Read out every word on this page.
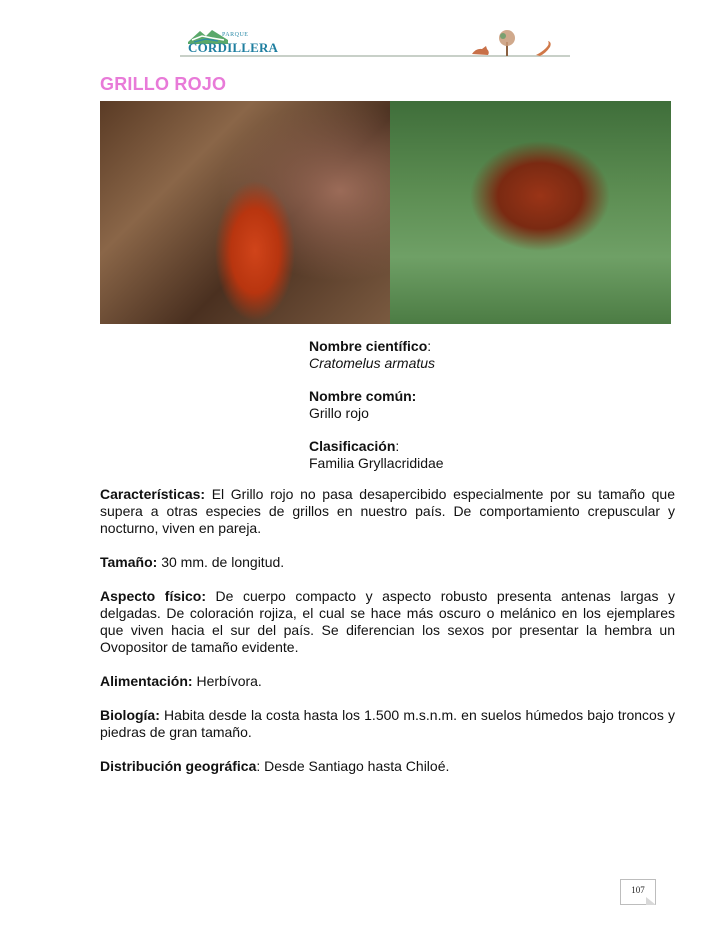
PARQUE
CORDILLERA
GRILLO ROJO
Nombre científico:
Cratomelus armatus
Nombre común:
Grillo rojo
Clasificación:
Familia Gryllacrididae

Características: El Grillo rojo no pasa desapercibido especialmente por su tamaño que supera a otras especies de grillos en nuestro país. De comportamiento crepuscular y nocturno, viven en pareja.

Tamaño: 30 mm. de longitud.

Aspecto físico: De cuerpo compacto y aspecto robusto presenta antenas largas y delgadas. De coloración rojiza, el cual se hace más oscuro o melánico en los ejemplares que viven hacia el sur del país. Se diferencian los sexos por presentar la hembra un Ovopositor de tamaño evidente.

Alimentación: Herbívora.

Biología: Habita desde la costa hasta los 1.500 m.s.n.m. en suelos húmedos bajo troncos y piedras de gran tamaño.

Distribución geográfica: Desde Santiago hasta Chiloé.

107
